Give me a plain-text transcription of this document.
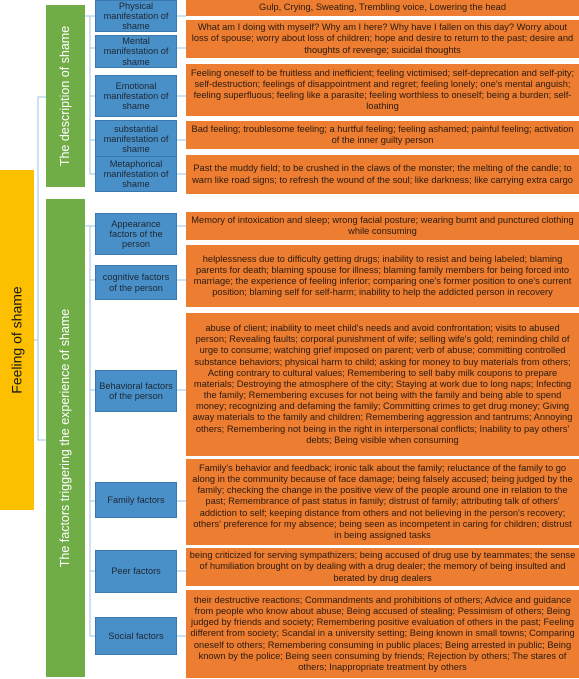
Feeling of shame
The description of shame
The factors triggering the experience of shame
Physical manifestation of shame
Mental manifestation of shame
Emotional manifestation of shame
substantial manifestation of shame
Metaphorical manifestation of shame
Appearance factors of the person
cognitive factors of the person
Behavioral factors of the person
Family factors
Peer factors
Social factors
Gulp, Crying, Sweating, Trembling voice, Lowering the head
What am I doing with myself? Why am I here? Why have I fallen on this day? Worry about loss of spouse; worry about loss of children; hope and desire to return to the past; desire and thoughts of revenge; suicidal thoughts
Feeling oneself to be fruitless and inefficient; feeling victimised; self-deprecation and self-pity; self-destruction; feelings of disappointment and regret; feeling lonely; one's mental anguish; feeling superfluous; feeling like a parasite; feeling worthless to oneself; being a burden; self-loathing
Bad feeling; troublesome feeling; a hurtful feeling; feeling ashamed; painful feeling; activation of the inner guilty person
Past the muddy field; to be crushed in the claws of the monster; the melting of the candle; to warn like road signs; to refresh the wound of the soul; like darkness; like carrying extra cargo
Memory of intoxication and sleep; wrong facial posture; wearing burnt and punctured clothing while consuming
helplessness due to difficulty getting drugs; inability to resist and being labeled; blaming parents for death; blaming spouse for illness; blaming family members for being forced into marriage; the experience of feeling inferior; comparing one's former position to one's current position; blaming self for self-harm; inability to help the addicted person in recovery
abuse of client; inability to meet child's needs and avoid confrontation; visits to abused person; Revealing faults; corporal punishment of wife; selling wife's gold; reminding child of urge to consume; watching grief imposed on parent; verb of abuse; committing controlled substance behaviors; physical harm to child; asking for money to buy materials from others; Acting contrary to cultural values; Remembering to sell baby milk coupons to prepare materials; Destroying the atmosphere of the city; Staying at work due to long naps; Infecting the family; Remembering excuses for not being with the family and being able to spend money; recognizing and defaming the family; Committing crimes to get drug money; Giving away materials to the family and children; Remembering aggression and tantrums; Annoying others; Remembering not being in the right in interpersonal conflicts; Inability to pay others' debts; Being visible when consuming
Family's behavior and feedback; ironic talk about the family; reluctance of the family to go along in the community because of face damage; being falsely accused; being judged by the family; checking the change in the positive view of the people around one in relation to the past; Remembrance of past status in family; distrust of family; attributing talk of others' addiction to self; keeping distance from others and not believing in the person's recovery; others' preference for my absence; being seen as incompetent in caring for children; distrust in being assigned tasks
being criticized for serving sympathizers; being accused of drug use by teammates; the sense of humiliation brought on by dealing with a drug dealer; the memory of being insulted and berated by drug dealers
their destructive reactions; Commandments and prohibitions of others; Advice and guidance from people who know about abuse; Being accused of stealing; Pessimism of others; Being judged by friends and society; Remembering positive evaluation of others in the past; Feeling different from society; Scandal in a university setting; Being known in small towns; Comparing oneself to others; Remembering consuming in public places; Being arrested in public; Being known by the police; Being seen consuming by friends; Rejection by others; The stares of others; Inappropriate treatment by others
